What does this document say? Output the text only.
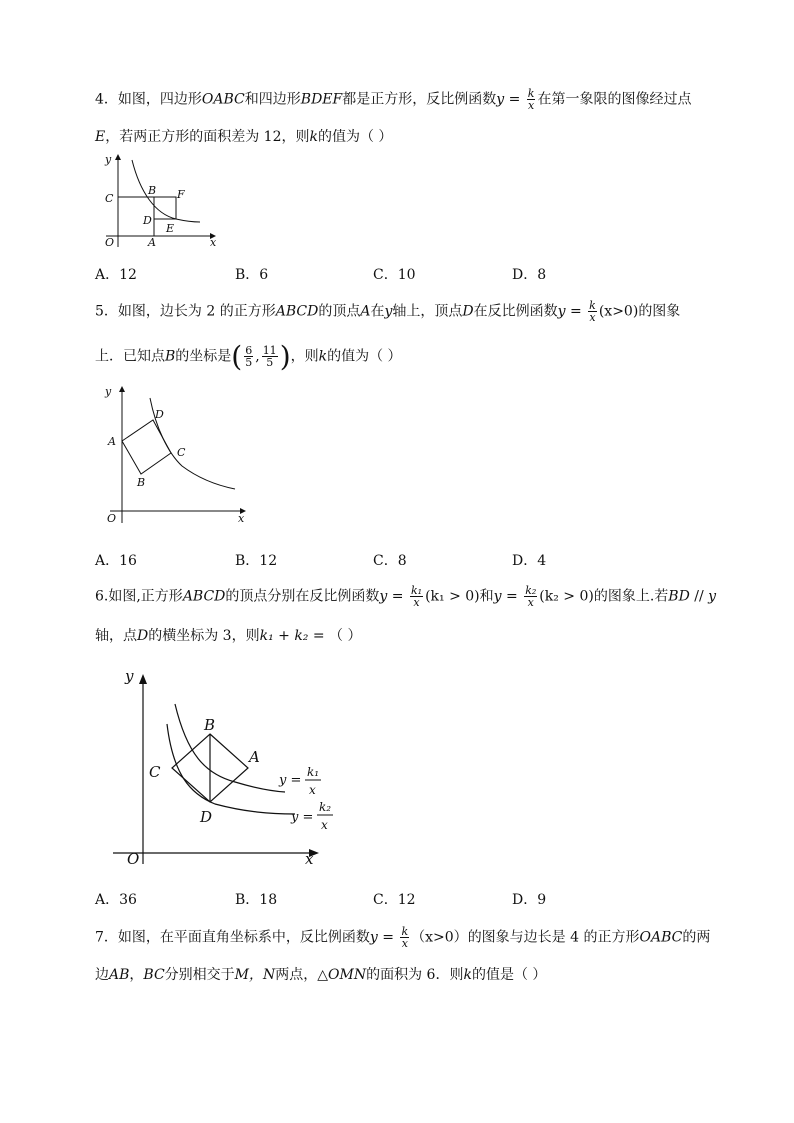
4．如图，四边形OABC和四边形BDEF都是正方形，反比例函数$y = \frac{k}{x}$ 在第一象限的图像经过点
E，若两正方形的面积差为 12，则k的值为（ ）
y
C
B F
D
O	A
E
x
A．12	B．6	C．10	D．8
5．如图，边长为 2 的正方形ABCD的顶点A在y轴上，顶点D在反比例函数$y = \frac{k}{x} (x>0)$的图象
上．已知点B的坐标是( $\frac{6}{5}$ , $\frac{11}{5}$ )，则k的值为（ ）
y
D
A
C
B
O	x
A．16	B．12	C．8	D．4
6.如图,正方形ABCD的顶点分别在反比例函数$y = \frac{\text{k₁}}{x} (k_1 > 0)$和$y = \frac{\text{k₂}}{x} (k_2 > 0)$的图象上.若BD // y
轴，点D的横坐标为 3，则k₁ + k₂ = （ ）
y
B
C
A
D
O	x
y =
k₁
x
y =
k₂
x
A．36	B．18	C．12	D．9
7．如图，在平面直角坐标系中，反比例函数$y = \frac{k}{x} (x>0)$的图象与边长是 4 的正方形OABC的两
边AB，BC分别相交于M，N两点，△OMN的面积为 6．则k的值是（ ）
